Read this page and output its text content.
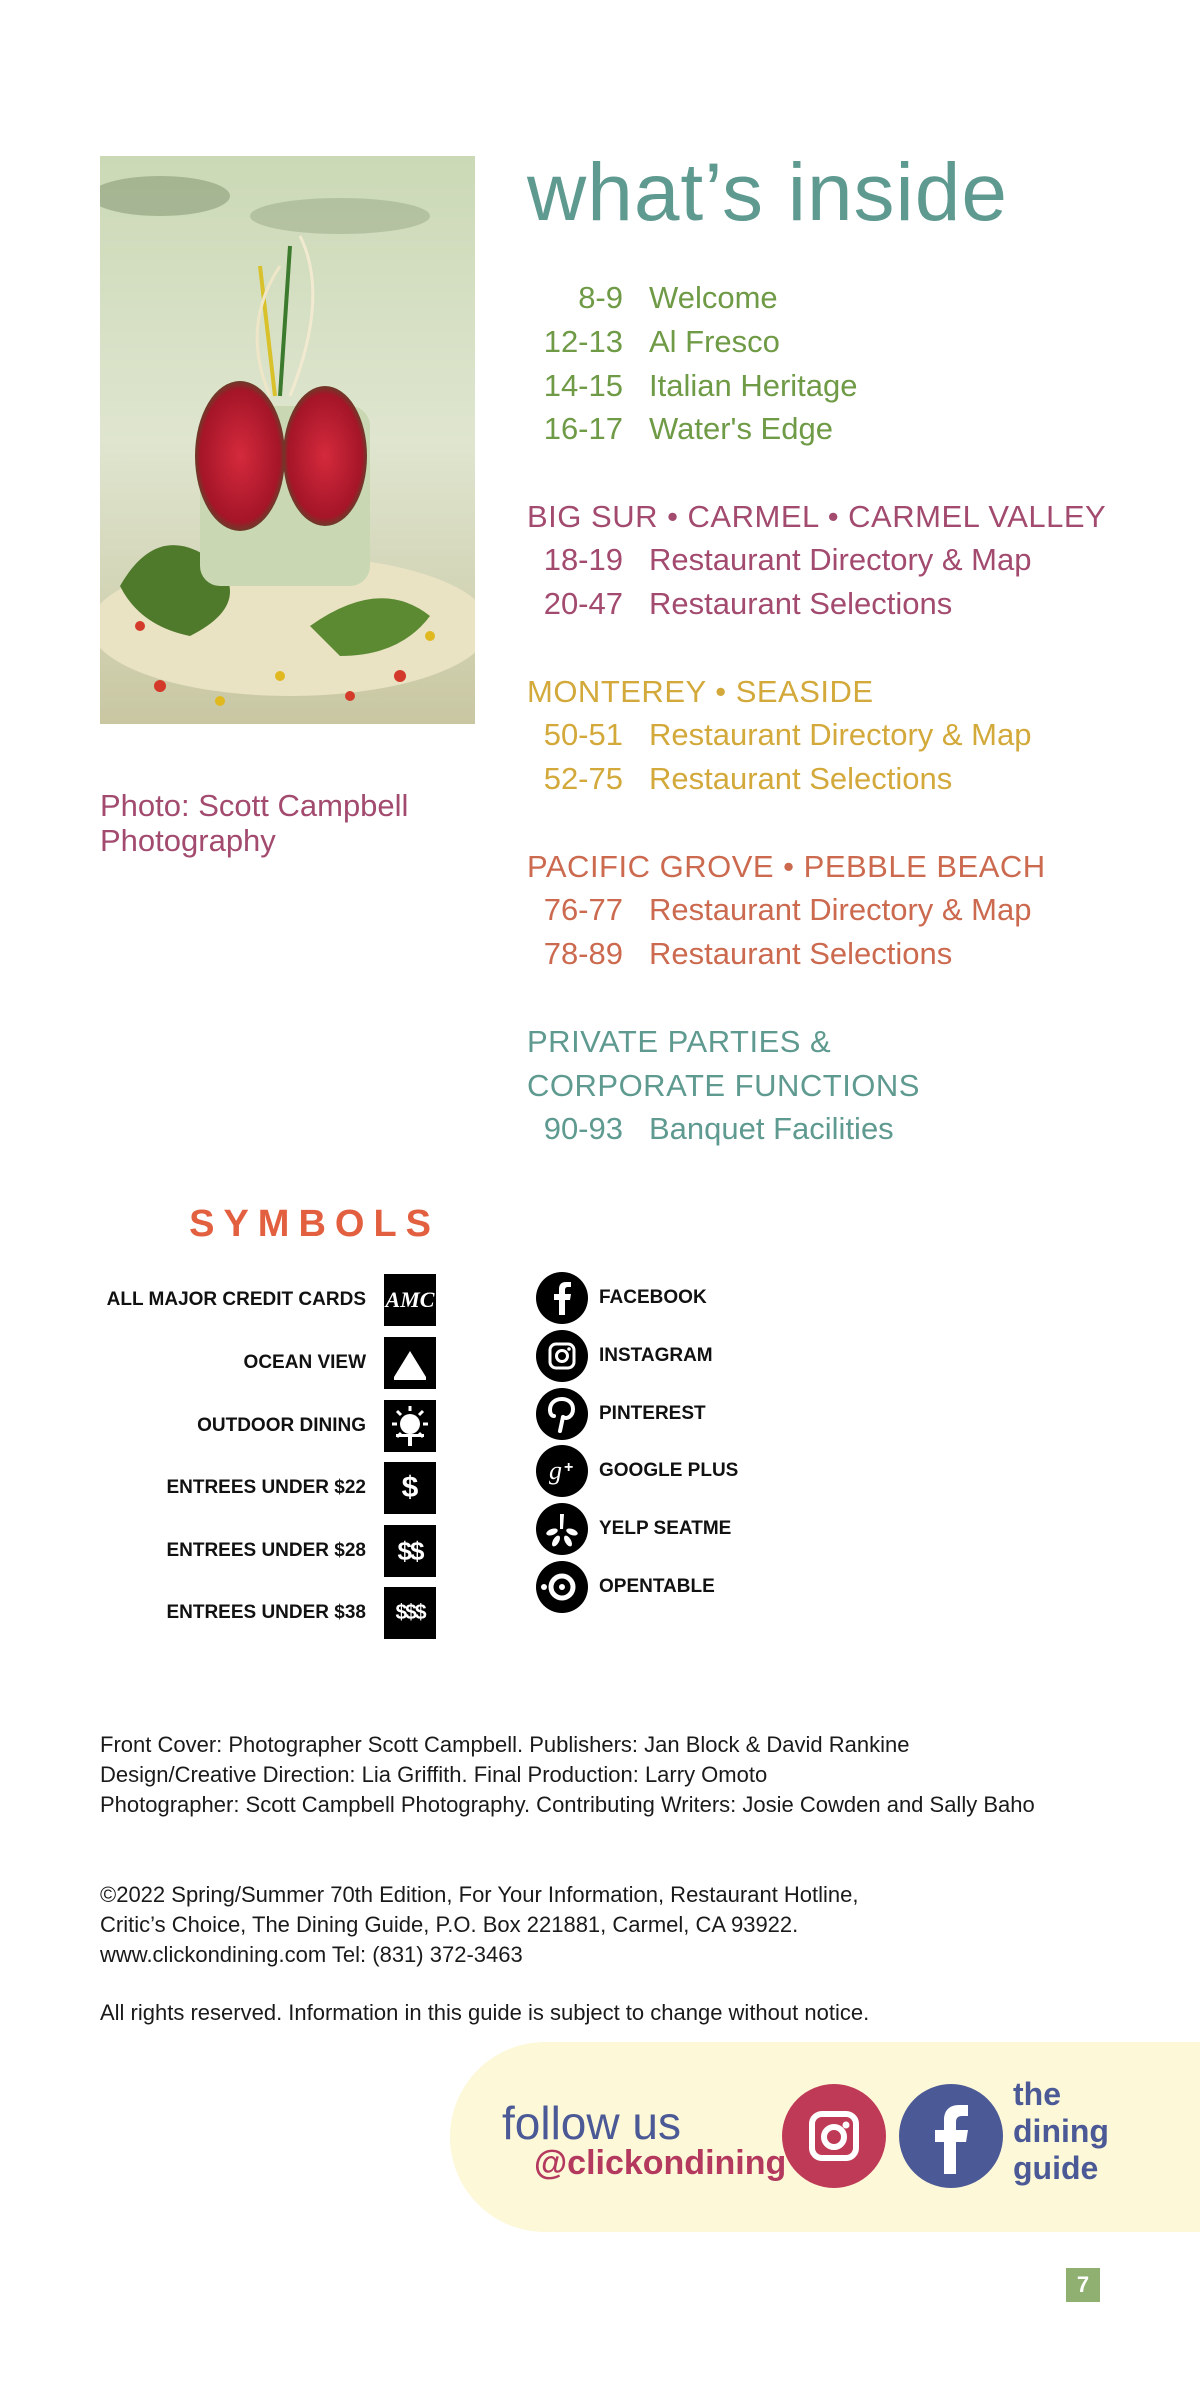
Photo: Scott Campbell Photography
what’s inside
8-9 Welcome
12-13 Al Fresco
14-15 Italian Heritage
16-17 Water's Edge
BIG SUR • CARMEL • CARMEL VALLEY
18-19 Restaurant Directory & Map
20-47 Restaurant Selections
MONTEREY • SEASIDE
50-51 Restaurant Directory & Map
52-75 Restaurant Selections
PACIFIC GROVE • PEBBLE BEACH
76-77 Restaurant Directory & Map
78-89 Restaurant Selections
PRIVATE PARTIES &
CORPORATE FUNCTIONS
90-93 Banquet Facilities
SYMBOLS
ALL MAJOR CREDIT CARDS AMC
OCEAN VIEW
OUTDOOR DINING
ENTREES UNDER $22	$
ENTREES UNDER $28	$$
ENTREES UNDER $38	$$$
FACEBOOK
INSTAGRAM
PINTEREST
g + GOOGLE PLUS
YELP SEATME
OPENTABLE
Front Cover: Photographer Scott Campbell. Publishers: Jan Block & David Rankine
Design/Creative Direction: Lia Griffith. Final Production: Larry Omoto
Photographer: Scott Campbell Photography. Contributing Writers: Josie Cowden and Sally Baho
©2022 Spring/Summer 70th Edition, For Your Information, Restaurant Hotline,
Critic’s Choice, The Dining Guide, P.O. Box 221881, Carmel, CA 93922.
www.clickondining.com Tel: (831) 372-3463
All rights reserved. Information in this guide is subject to change without notice.
follow us
@clickondining
the
dining
guide
7
